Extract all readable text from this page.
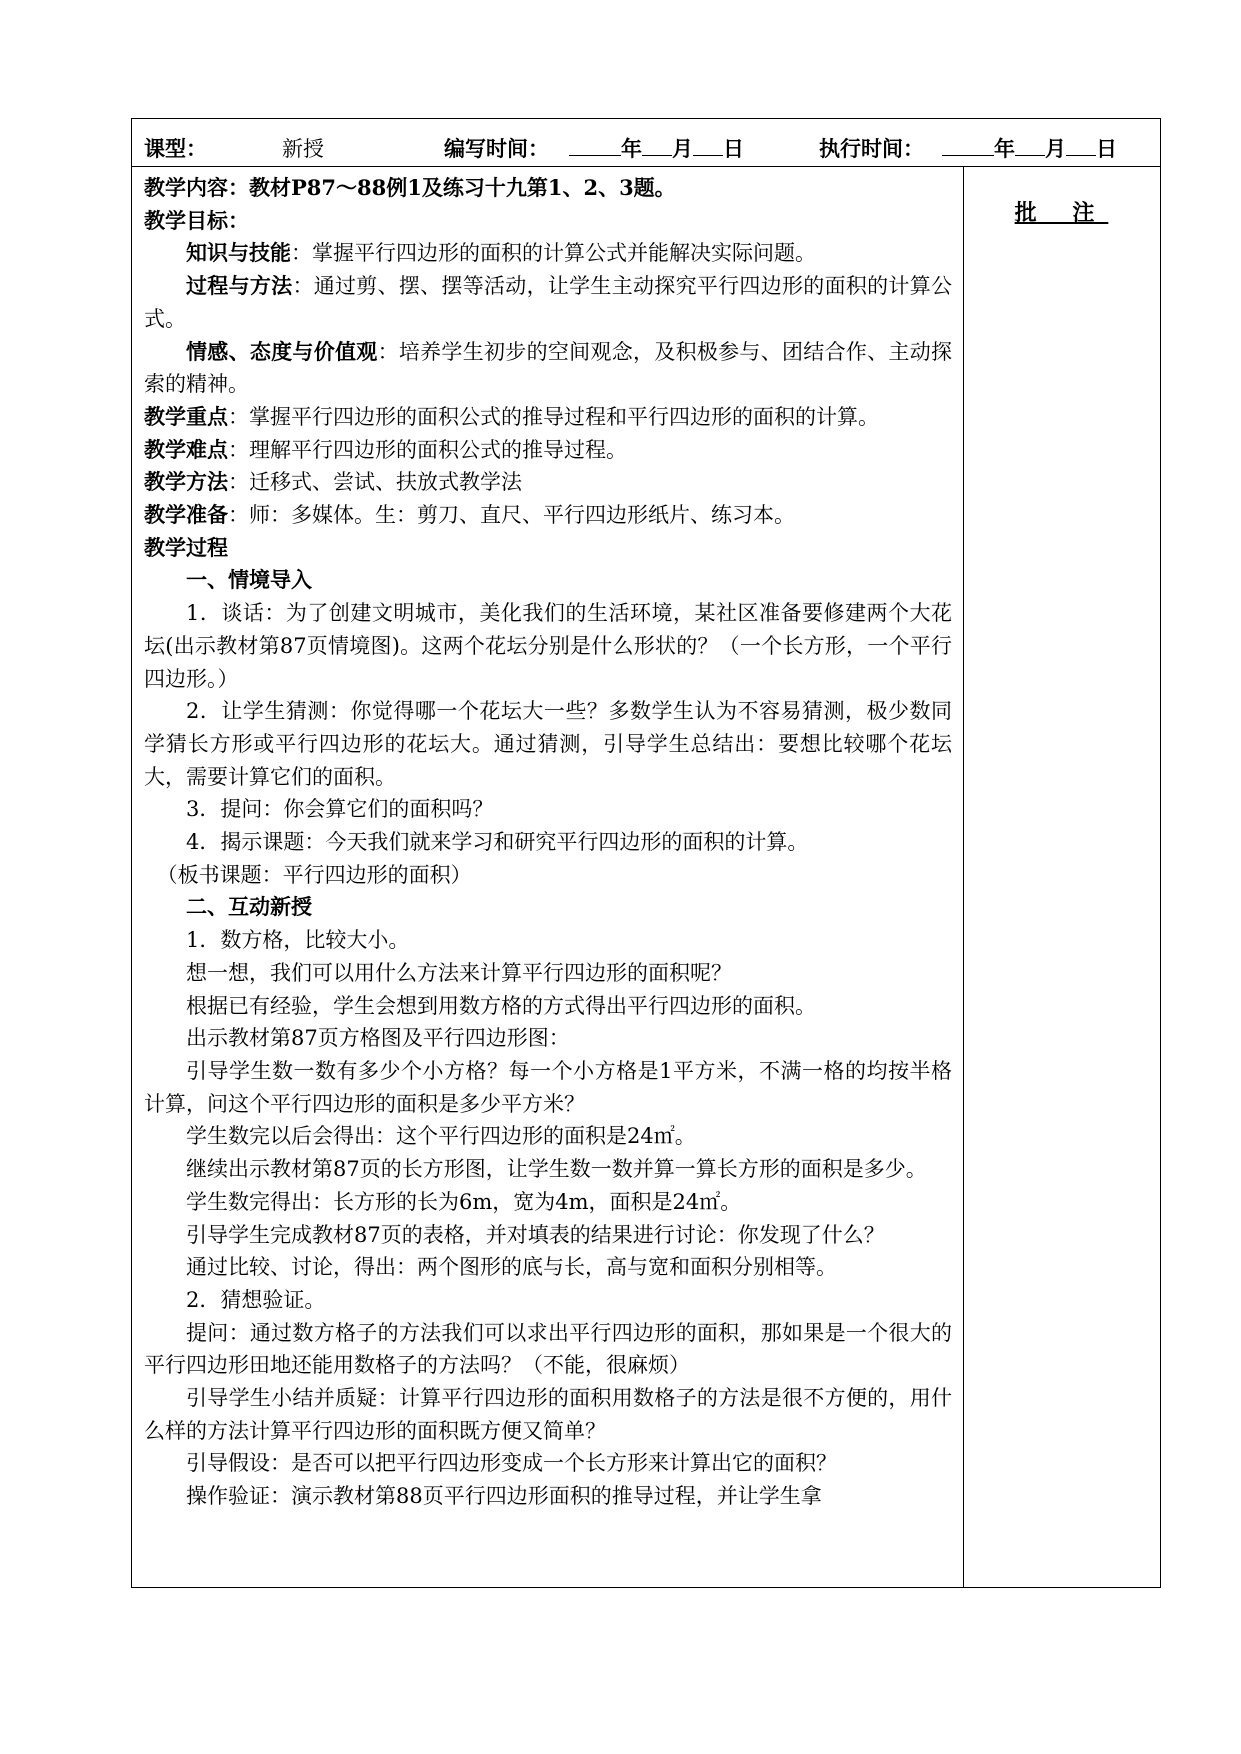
课型：	新授	编写时间：	年 月 日	执行时间：	年 月 日

教学内容：教材P87～88例1及练习十九第1、2、3题。

教学目标：

知识与技能：掌握平行四边形的面积的计算公式并能解决实际问题。

过程与方法：通过剪、摆、摆等活动，让学生主动探究平行四边形的面积的计算公式。

情感、态度与价值观：培养学生初步的空间观念，及积极参与、团结合作、主动探索的精神。

教学重点：掌握平行四边形的面积公式的推导过程和平行四边形的面积的计算。

教学难点：理解平行四边形的面积公式的推导过程。

教学方法：迁移式、尝试、扶放式教学法

教学准备：师：多媒体。生：剪刀、直尺、平行四边形纸片、练习本。

教学过程

一、情境导入

1．谈话：为了创建文明城市，美化我们的生活环境，某社区准备要修建两个大花坛(出示教材第87页情境图)。这两个花坛分别是什么形状的？（一个长方形，一个平行四边形。）

2．让学生猜测：你觉得哪一个花坛大一些？多数学生认为不容易猜测，极少数同学猜长方形或平行四边形的花坛大。通过猜测，引导学生总结出：要想比较哪个花坛大，需要计算它们的面积。

3．提问：你会算它们的面积吗？

4．揭示课题：今天我们就来学习和研究平行四边形的面积的计算。

（板书课题：平行四边形的面积）

二、互动新授

1．数方格，比较大小。

想一想，我们可以用什么方法来计算平行四边形的面积呢？

根据已有经验，学生会想到用数方格的方式得出平行四边形的面积。

出示教材第87页方格图及平行四边形图：

引导学生数一数有多少个小方格？每一个小方格是1平方米，不满一格的均按半格计算，问这个平行四边形的面积是多少平方米？

学生数完以后会得出：这个平行四边形的面积是24㎡。

继续出示教材第87页的长方形图，让学生数一数并算一算长方形的面积是多少。

学生数完得出：长方形的长为6m，宽为4m，面积是24㎡。

引导学生完成教材87页的表格，并对填表的结果进行讨论：你发现了什么？

通过比较、讨论，得出：两个图形的底与长，高与宽和面积分别相等。

2．猜想验证。

提问：通过数方格子的方法我们可以求出平行四边形的面积，那如果是一个很大的平行四边形田地还能用数格子的方法吗？（不能，很麻烦）

引导学生小结并质疑：计算平行四边形的面积用数格子的方法是很不方便的，用什么样的方法计算平行四边形的面积既方便又简单？

引导假设：是否可以把平行四边形变成一个长方形来计算出它的面积？

操作验证：演示教材第88页平行四边形面积的推导过程，并让学生拿

批 注
